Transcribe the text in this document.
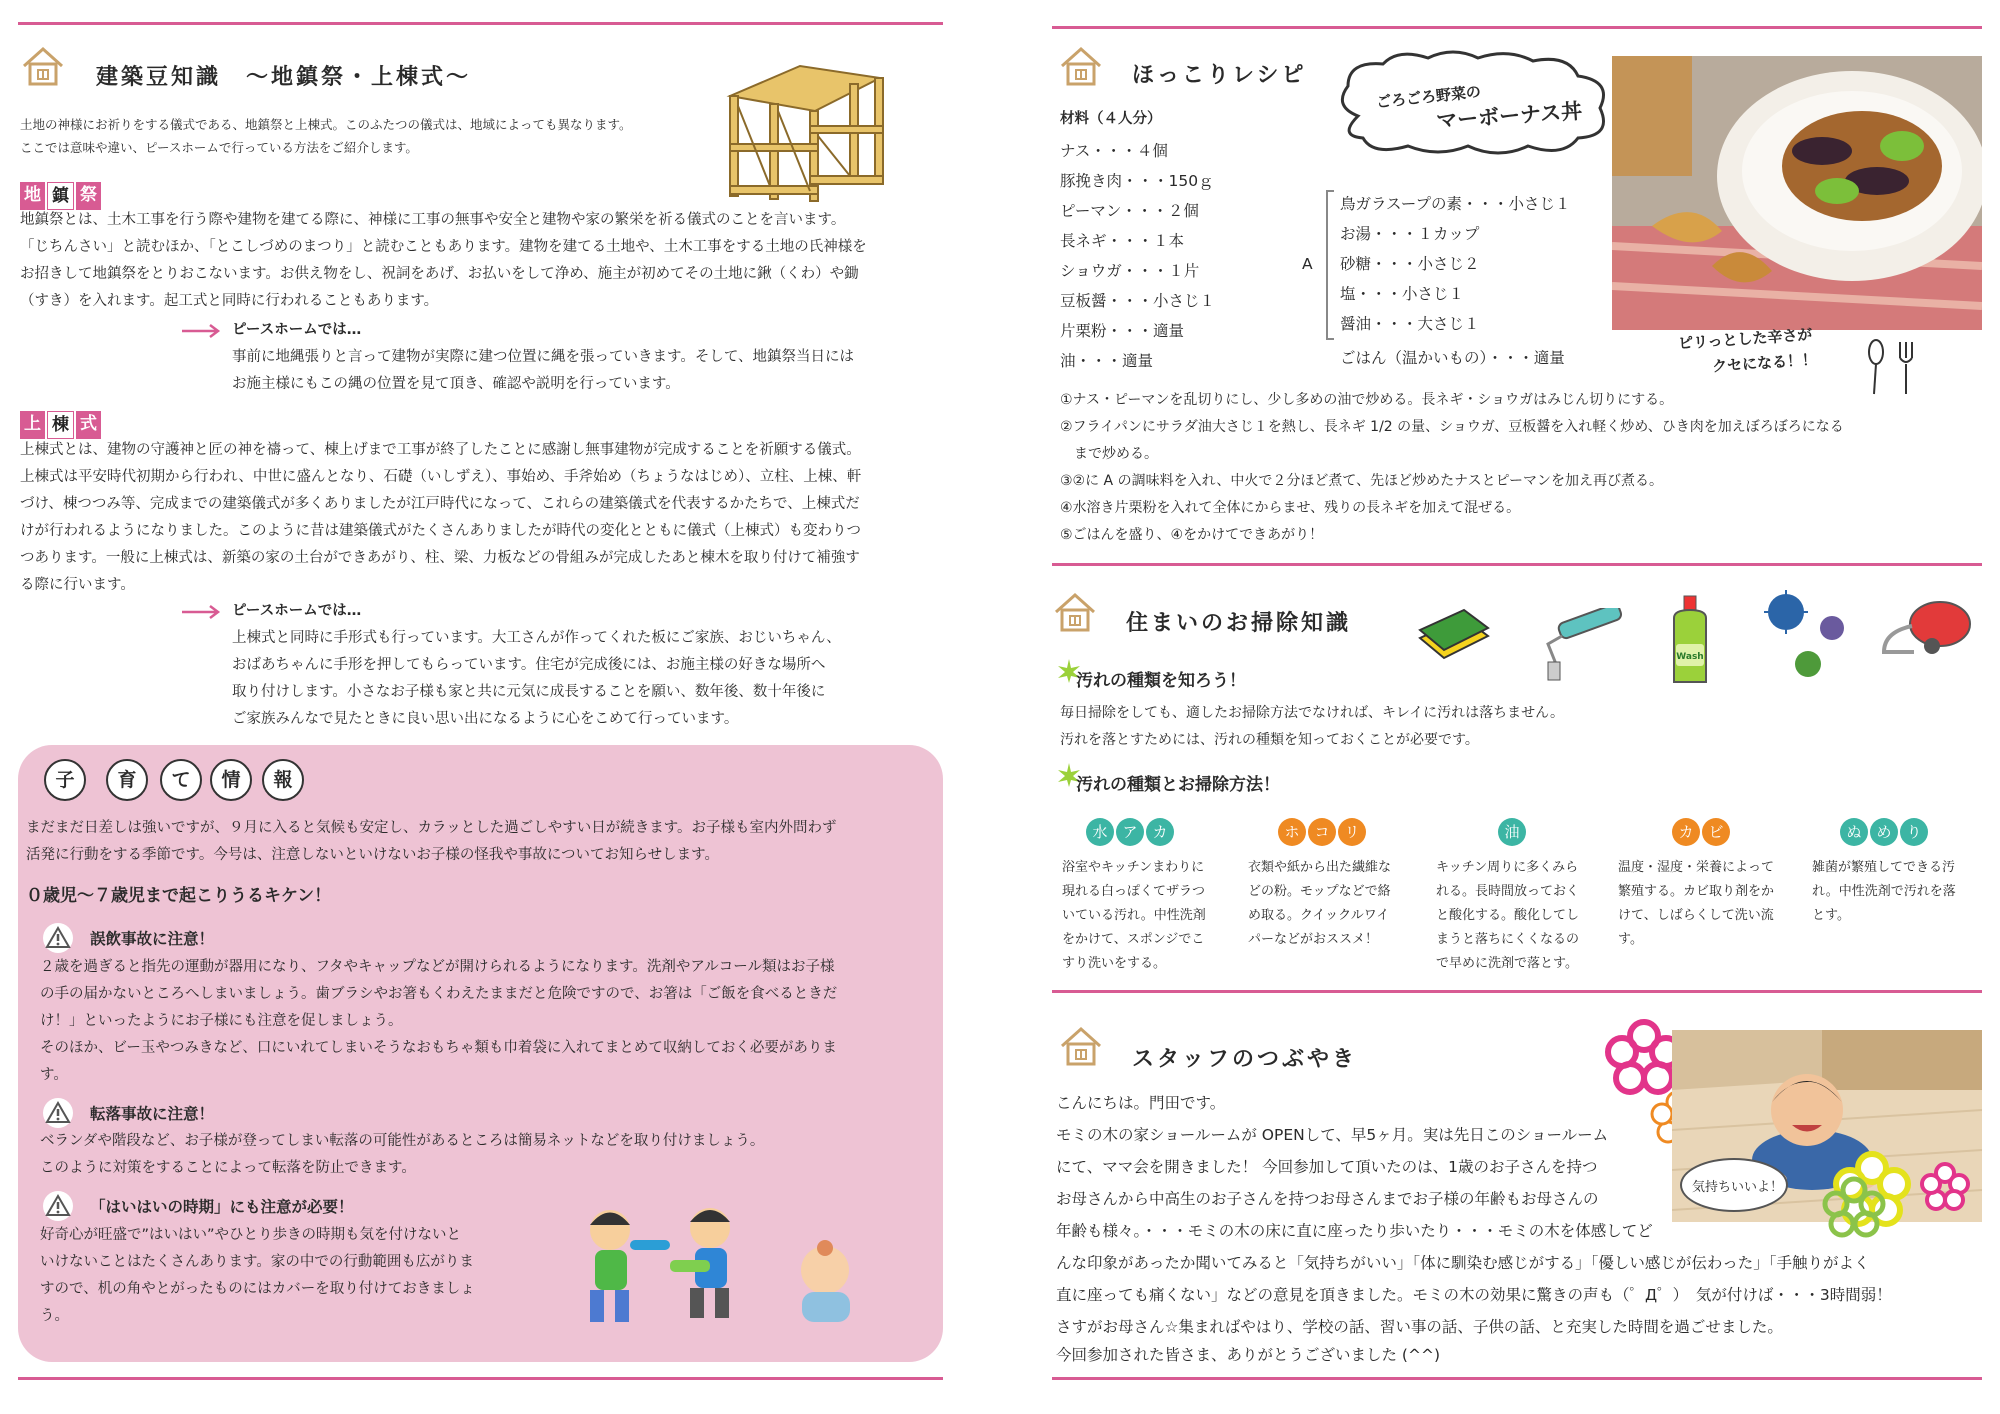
建築豆知識　～地鎮祭・上棟式～
土地の神様にお祈りをする儀式である、地鎮祭と上棟式。このふたつの儀式は、地域によっても異なります。
ここでは意味や違い、ピースホームで行っている方法をご紹介します。
地 鎮 祭
地鎮祭とは、土木工事を行う際や建物を建てる際に、神様に工事の無事や安全と建物や家の繁栄を祈る儀式のことを言います。
「じちんさい」と読むほか、「とこしづめのまつり」と読むこともあります。建物を建てる土地や、土木工事をする土地の氏神様を
お招きして地鎮祭をとりおこないます。お供え物をし、祝詞をあげ、お払いをして浄め、施主が初めてその土地に鍬（くわ）や鋤
（すき）を入れます。起工式と同時に行われることもあります。
ピースホームでは…
事前に地縄張りと言って建物が実際に建つ位置に縄を張っていきます。そして、地鎮祭当日には
お施主様にもこの縄の位置を見て頂き、確認や説明を行っています。
上 棟 式
上棟式とは、建物の守護神と匠の神を禱って、棟上げまで工事が終了したことに感謝し無事建物が完成することを祈願する儀式。
上棟式は平安時代初期から行われ、中世に盛んとなり、石礎（いしずえ）、事始め、手斧始め（ちょうなはじめ）、立柱、上棟、軒
づけ、棟つつみ等、完成までの建築儀式が多くありましたが江戸時代になって、これらの建築儀式を代表するかたちで、上棟式だ
けが行われるようになりました。このように昔は建築儀式がたくさんありましたが時代の変化とともに儀式（上棟式）も変わりつ
つあります。一般に上棟式は、新築の家の土台ができあがり、柱、梁、力板などの骨組みが完成したあと棟木を取り付けて補強す
る際に行います。
ピースホームでは…
上棟式と同時に手形式も行っています。大工さんが作ってくれた板にご家族、おじいちゃん、
おばあちゃんに手形を押してもらっています。住宅が完成後には、お施主様の好きな場所へ
取り付けします。小さなお子様も家と共に元気に成長することを願い、数年後、数十年後に
ご家族みんなで見たときに良い思い出になるように心をこめて行っています。
子	育	て	情	報
まだまだ日差しは強いですが、９月に入ると気候も安定し、カラッとした過ごしやすい日が続きます。お子様も室内外問わず
活発に行動をする季節です。今号は、注意しないといけないお子様の怪我や事故についてお知らせします。
０歳児～７歳児まで起こりうるキケン！
誤飲事故に注意！
２歳を過ぎると指先の運動が器用になり、フタやキャップなどが開けられるようになります。洗剤やアルコール類はお子様
の手の届かないところへしまいましょう。歯ブラシやお箸もくわえたままだと危険ですので、お箸は「ご飯を食べるときだ
け！」といったようにお子様にも注意を促しましょう。
そのほか、ビー玉やつみきなど、口にいれてしまいそうなおもちゃ類も巾着袋に入れてまとめて収納しておく必要がありま
す。
転落事故に注意！
ベランダや階段など、お子様が登ってしまい転落の可能性があるところは簡易ネットなどを取り付けましょう。
このように対策をすることによって転落を防止できます。
「はいはいの時期」にも注意が必要！
好奇心が旺盛で”はいはい”やひとり歩きの時期も気を付けないと
いけないことはたくさんあります。家の中での行動範囲も広がりま
すので、机の角やとがったものにはカバーを取り付けておきましょ
う。
ほっこりレシピ
ごろごろ野菜の
マーボーナス丼
材料（４人分）
ナス・・・４個
豚挽き肉・・・150ｇ
ピーマン・・・２個
長ネギ・・・１本
ショウガ・・・１片
豆板醤・・・小さじ１
片栗粉・・・適量
油・・・適量
A
鳥ガラスープの素・・・小さじ１
お湯・・・１カップ
砂糖・・・小さじ２
塩・・・小さじ１
醤油・・・大さじ１
ごはん（温かいもの）・・・適量
ピリっとした辛さが
クセになる！！
①ナス・ピーマンを乱切りにし、少し多めの油で炒める。長ネギ・ショウガはみじん切りにする。
②フライパンにサラダ油大さじ１を熱し、長ネギ 1/2 の量、ショウガ、豆板醤を入れ軽く炒め、ひき肉を加えぼろぼろになる
　まで炒める。
③②に A の調味料を入れ、中火で２分ほど煮て、先ほど炒めたナスとピーマンを加え再び煮る。
④水溶き片栗粉を入れて全体にからませ、残りの長ネギを加えて混ぜる。
⑤ごはんを盛り、④をかけてできあがり！
住まいのお掃除知識
Wash
汚れの種類を知ろう！
毎日掃除をしても、適したお掃除方法でなければ、キレイに汚れは落ちません。
汚れを落とすためには、汚れの種類を知っておくことが必要です。
汚れの種類とお掃除方法！
水 ア カ
浴室やキッチンまわりに
現れる白っぽくてザラつ
いている汚れ。中性洗剤
をかけて、スポンジでこ
すり洗いをする。
ホ コ リ
衣類や紙から出た繊維な
どの粉。モップなどで絡
め取る。クイックルワイ
パーなどがおススメ！
油
キッチン周りに多くみら
れる。長時間放っておく
と酸化する。酸化してし
まうと落ちにくくなるの
で早めに洗剤で落とす。
カ ビ
温度・湿度・栄養によって
繁殖する。カビ取り剤をか
けて、しばらくして洗い流
す。
ぬ め り
雑菌が繁殖してできる汚
れ。中性洗剤で汚れを落
とす。
スタッフのつぶやき
気持ちいいよ！
こんにちは。門田です。
モミの木の家ショールームが OPENして、早5ヶ月。実は先日このショールーム
にて、ママ会を開きました！ 今回参加して頂いたのは、1歳のお子さんを持つ
お母さんから中高生のお子さんを持つお母さんまでお子様の年齢もお母さんの
年齢も様々。・・・モミの木の床に直に座ったり歩いたり・・・モミの木を体感してど
んな印象があったか聞いてみると「気持ちがいい」「体に馴染む感じがする」「優しい感じが伝わった」「手触りがよく
直に座っても痛くない」などの意見を頂きました。モミの木の効果に驚きの声も（゜Д゜）　気が付けば・・・3時間弱！
さすがお母さん☆集まればやはり、学校の話、習い事の話、子供の話、と充実した時間を過ごせました。
今回参加された皆さま、ありがとうございました (^^)
